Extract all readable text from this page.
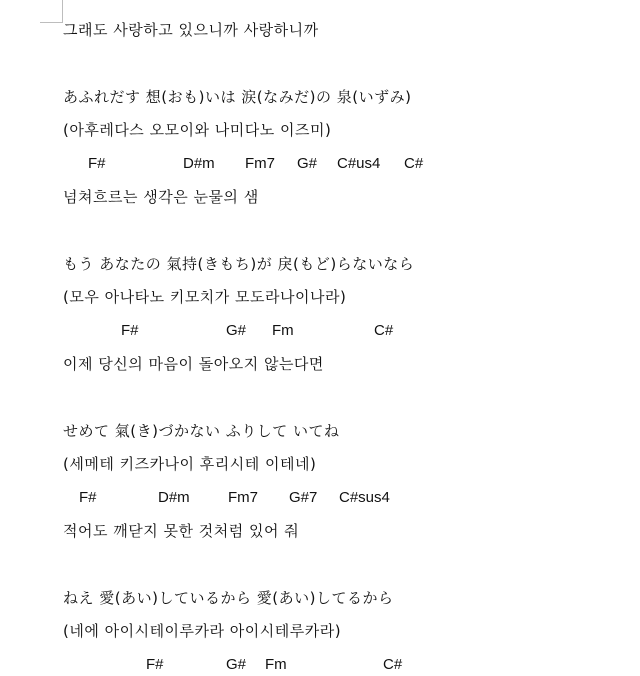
그래도 사랑하고 있으니까 사랑하니까
あふれだす 想(おも)いは 涙(なみだ)の 泉(いずみ)
(아후레다스 오모이와 나미다노 이즈미)
F#	D#m Fm7 G# C#us4 C#
넘쳐흐르는 생각은 눈물의 샘
もう あなたの 氣持(きもち)が 戾(もど)らないなら
(모우 아나타노 키모치가 모도라나이나라)
F#	G# Fm	C#
이제 당신의 마음이 돌아오지 않는다면
せめて 氣(き)づかない ふりして いてね
(세메테 키즈카나이 후리시테 이테네)
F#	D#m	Fm7 G#7 C#sus4
적어도 깨닫지 못한 것처럼 있어 줘
ねえ 愛(あい)しているから 愛(あい)してるから
(네에 아이시테이루카라 아이시테루카라)
F#	G# Fm	C#
